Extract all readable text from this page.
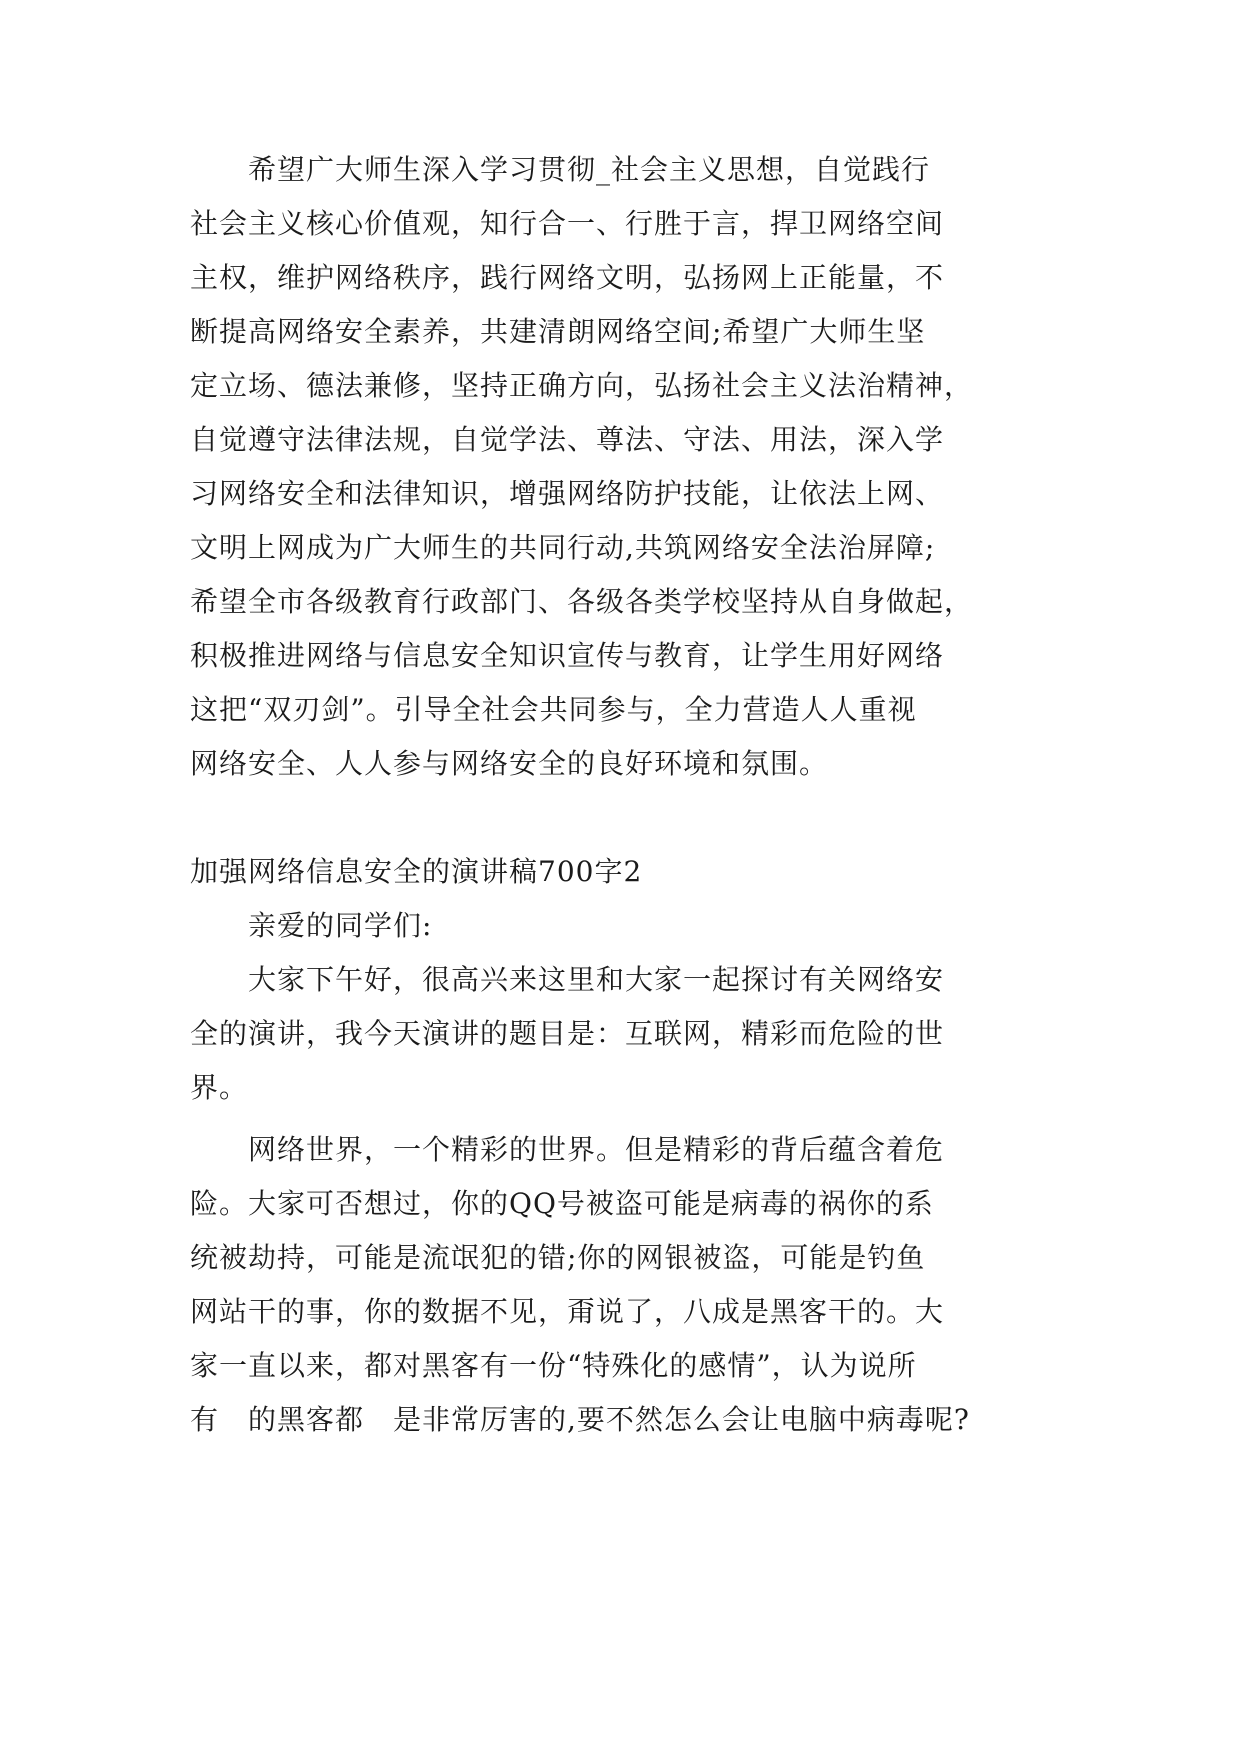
　　希望广大师生深入学习贯彻_社会主义思想，自觉践行

社会主义核心价值观，知行合一、行胜于言，捍卫网络空间

主权，维护网络秩序，践行网络文明，弘扬网上正能量，不

断提高网络安全素养，共建清朗网络空间;希望广大师生坚

定立场、德法兼修，坚持正确方向，弘扬社会主义法治精神，

自觉遵守法律法规，自觉学法、尊法、守法、用法，深入学

习网络安全和法律知识，增强网络防护技能，让依法上网、

文明上网成为广大师生的共同行动,共筑网络安全法治屏障;

希望全市各级教育行政部门、各级各类学校坚持从自身做起，

积极推进网络与信息安全知识宣传与教育，让学生用好网络

这把“双刃剑”。引导全社会共同参与，全力营造人人重视

网络安全、人人参与网络安全的良好环境和氛围。

加强网络信息安全的演讲稿700字2

　　亲爱的同学们:

　　大家下午好，很高兴来这里和大家一起探讨有关网络安

全的演讲，我今天演讲的题目是：互联网，精彩而危险的世

界。

　　网络世界，一个精彩的世界。但是精彩的背后蕴含着危

险。大家可否想过，你的QQ号被盗可能是病毒的祸你的系

统被劫持，可能是流氓犯的错;你的网银被盗，可能是钓鱼

网站干的事，你的数据不见，甭说了，八成是黑客干的。大

家一直以来，都对黑客有一份“特殊化的感情”，认为说所

有　的黑客都　是非常厉害的,要不然怎么会让电脑中病毒呢?
